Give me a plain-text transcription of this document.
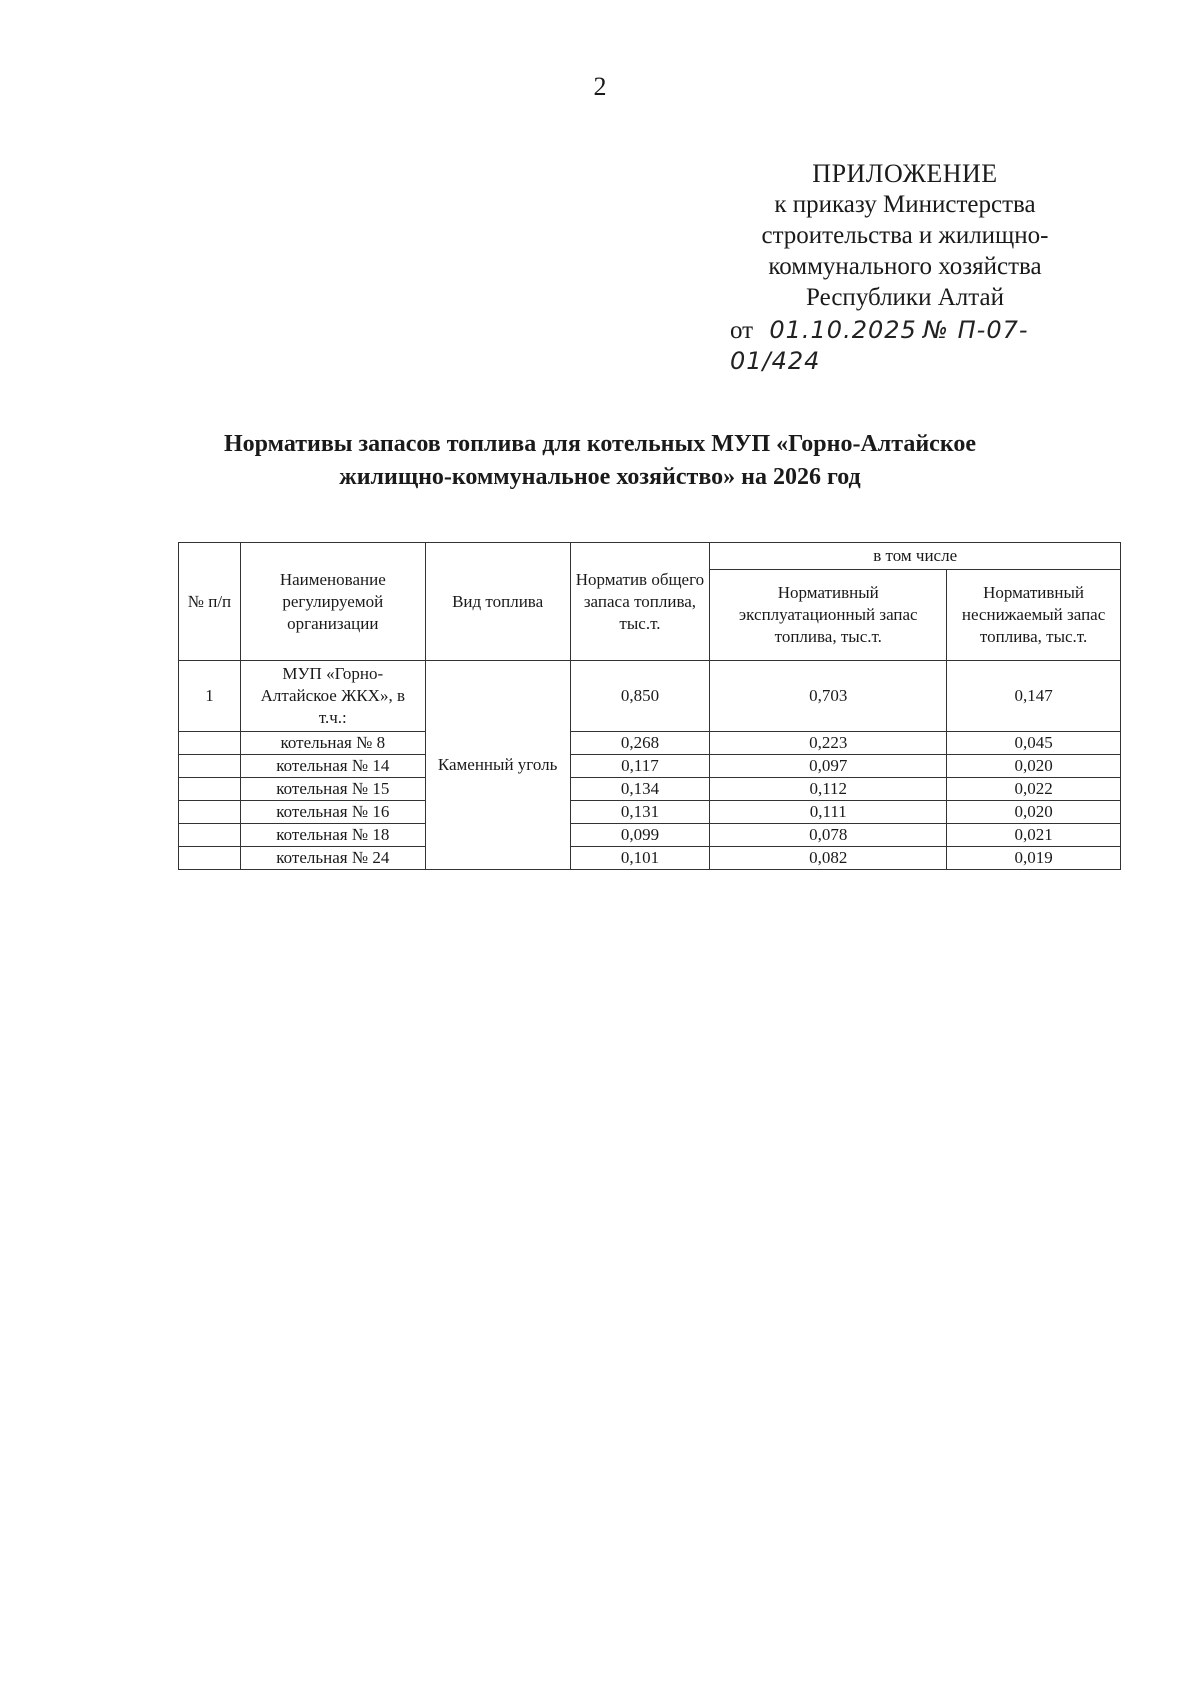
2
ПРИЛОЖЕНИЕ
к приказу Министерства
строительства и жилищно-
коммунального хозяйства
Республики Алтай
от 01.10.2025 № П-07-01/424
Нормативы запасов топлива для котельных МУП «Горно-Алтайское
жилищно-коммунальное хозяйство» на 2026 год
№ п/п	Наименование регулируемой организации	Вид топлива	Норматив общего запаса топлива, тыс.т.	в том числе	
				Нормативный эксплуатационный запас топлива, тыс.т.	Нормативный неснижаемый запас топлива, тыс.т.
1	МУП «Горно-Алтайское ЖКХ», в т.ч.:	Каменный уголь	0,850	0,703	0,147
	котельная № 8		0,268	0,223	0,045
	котельная № 14		0,117	0,097	0,020
	котельная № 15		0,134	0,112	0,022
	котельная № 16		0,131	0,111	0,020
	котельная № 18		0,099	0,078	0,021
	котельная № 24		0,101	0,082	0,019
